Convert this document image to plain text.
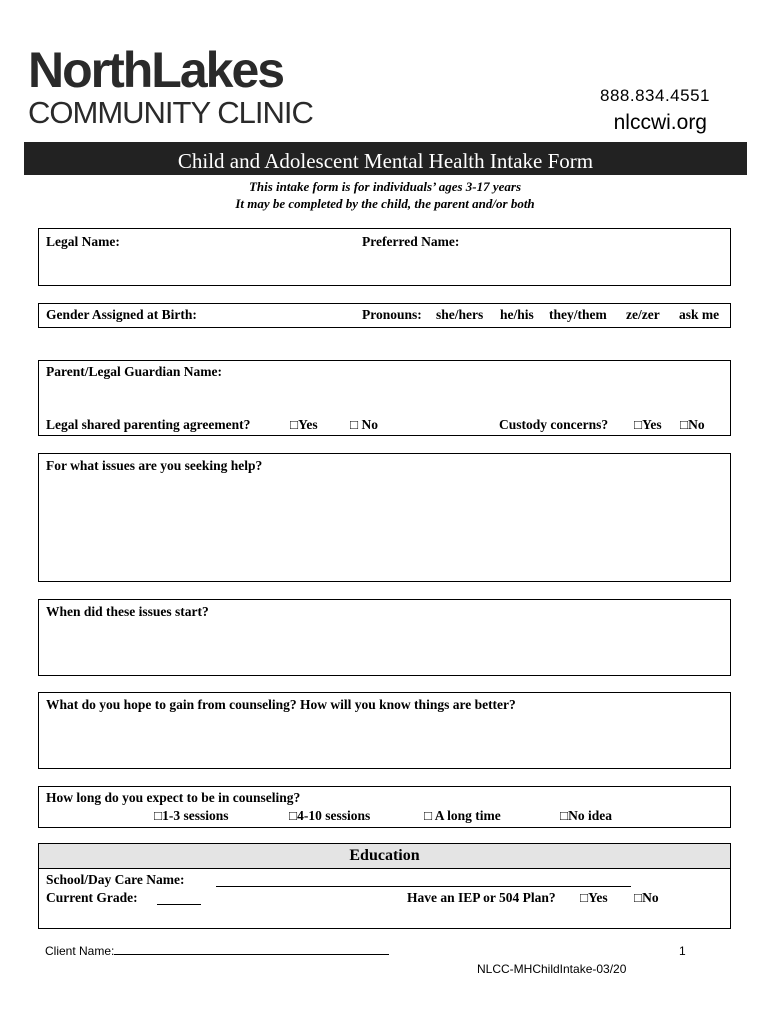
NorthLakes
COMMUNITY CLINIC	888.834.4551
nlccwi.org
Child and Adolescent Mental Health Intake Form
This intake form is for individuals’ ages 3-17 years
It may be completed by the child, the parent and/or both
Legal Name:	Preferred Name:
Gender Assigned at Birth:	Pronouns: she/hers he/his they/them ze/zer ask me
Parent/Legal Guardian Name:
Legal shared parenting agreement?	□Yes □ No	Custody concerns? □Yes □No
For what issues are you seeking help?
When did these issues start?
What do you hope to gain from counseling? How will you know things are better?
How long do you expect to be in counseling?
□1-3 sessions	□4-10 sessions	□ A long time	□No idea
Education
School/Day Care Name:
Current Grade:	Have an IEP or 504 Plan? □Yes □No
Client Name:	1
NLCC-MHChildIntake-03/20
